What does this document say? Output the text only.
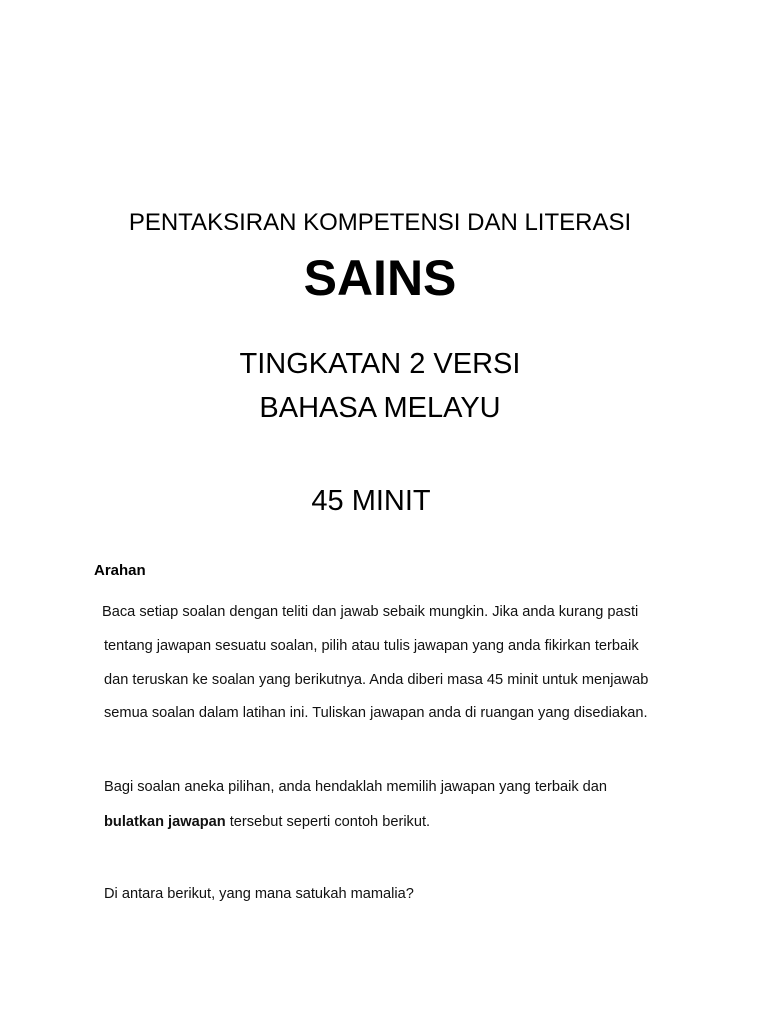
PENTAKSIRAN KOMPETENSI DAN LITERASI

SAINS

TINGKATAN 2 VERSI

BAHASA MELAYU

45 MINIT

Arahan

Baca setiap soalan dengan teliti dan jawab sebaik mungkin. Jika anda kurang pasti tentang jawapan sesuatu soalan, pilih atau tulis jawapan yang anda fikirkan terbaik dan teruskan ke soalan yang berikutnya. Anda diberi masa 45 minit untuk menjawab semua soalan dalam latihan ini. Tuliskan jawapan anda di ruangan yang disediakan.

Bagi soalan aneka pilihan, anda hendaklah memilih jawapan yang terbaik dan bulatkan jawapan tersebut seperti contoh berikut.

Di antara berikut, yang mana satukah mamalia?
